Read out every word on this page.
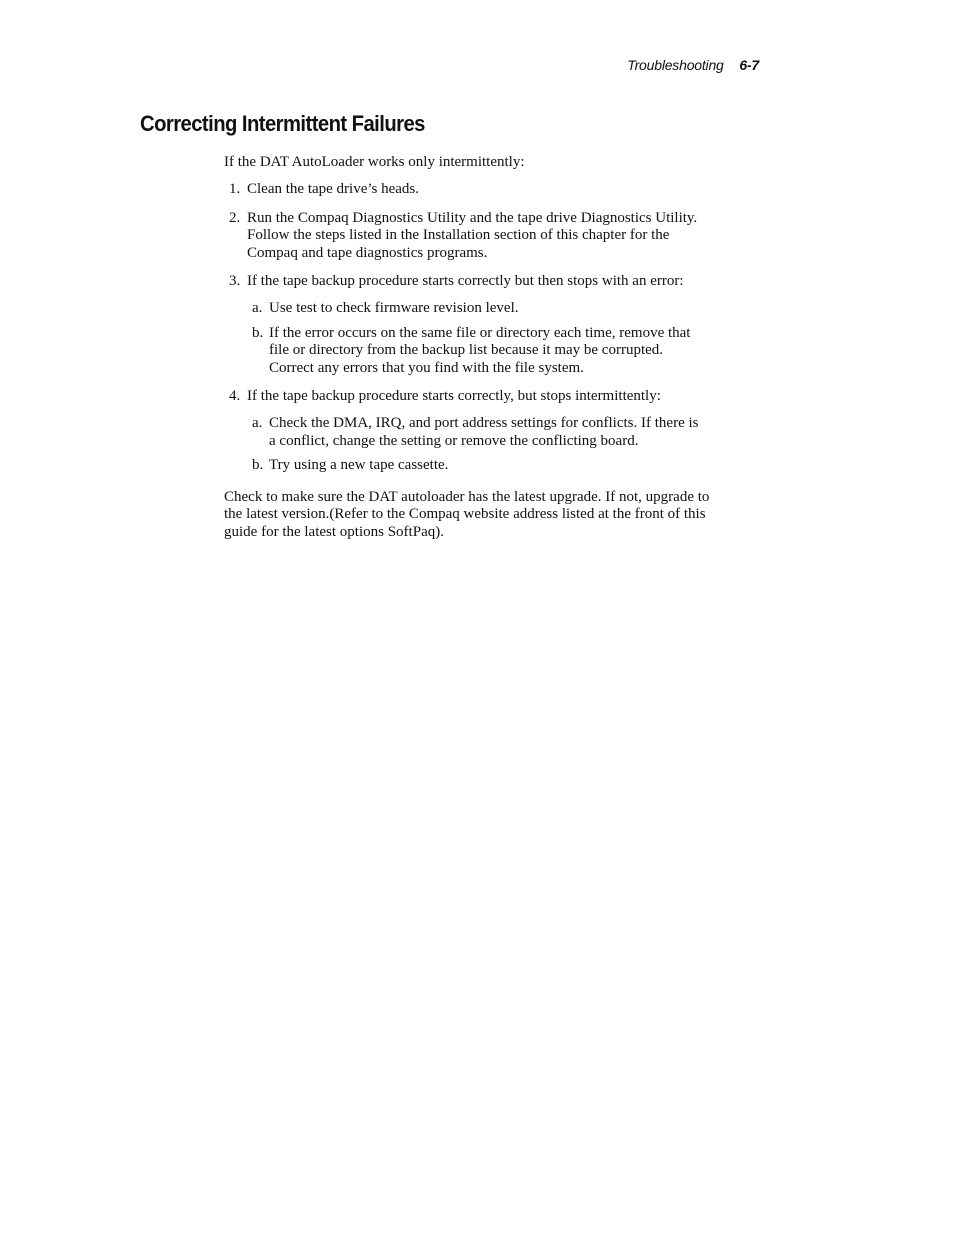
Troubleshooting 6-7
Correcting Intermittent Failures

If the DAT AutoLoader works only intermittently:

1. Clean the tape drive’s heads.
2. Run the Compaq Diagnostics Utility and the tape drive Diagnostics Utility. Follow the steps listed in the Installation section of this chapter for the Compaq and tape diagnostics programs.
3. If the tape backup procedure starts correctly but then stops with an error:
a. Use test to check firmware revision level.
b. If the error occurs on the same file or directory each time, remove that file or directory from the backup list because it may be corrupted. Correct any errors that you find with the file system.
4. If the tape backup procedure starts correctly, but stops intermittently:
a. Check the DMA, IRQ, and port address settings for conflicts. If there is a conflict, change the setting or remove the conflicting board.
b. Try using a new tape cassette.

Check to make sure the DAT autoloader has the latest upgrade. If not, upgrade to the latest version.(Refer to the Compaq website address listed at the front of this guide for the latest options SoftPaq).
